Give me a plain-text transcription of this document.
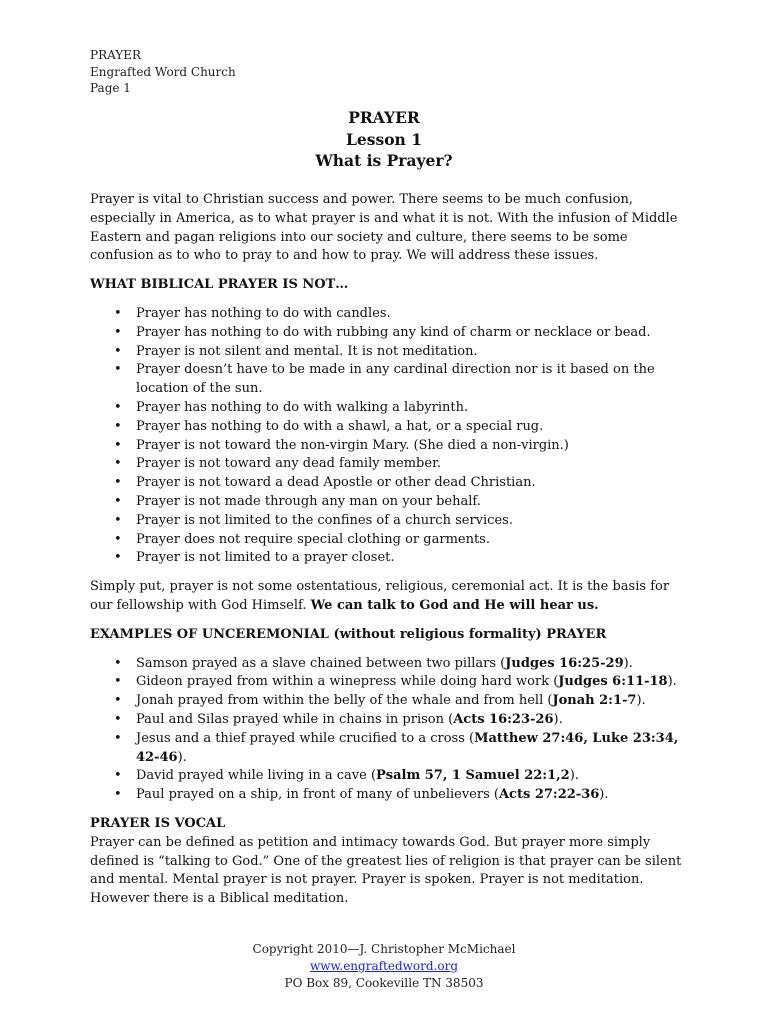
PRAYER
Engrafted Word Church
Page 1
PRAYER
Lesson 1
What is Prayer?

Prayer is vital to Christian success and power. There seems to be much confusion, especially in America, as to what prayer is and what it is not. With the infusion of Middle Eastern and pagan religions into our society and culture, there seems to be some confusion as to who to pray to and how to pray. We will address these issues.

WHAT BIBLICAL PRAYER IS NOT…

• Prayer has nothing to do with candles.
• Prayer has nothing to do with rubbing any kind of charm or necklace or bead.
• Prayer is not silent and mental. It is not meditation.
• Prayer doesn’t have to be made in any cardinal direction nor is it based on the location of the sun.
• Prayer has nothing to do with walking a labyrinth.
• Prayer has nothing to do with a shawl, a hat, or a special rug.
• Prayer is not toward the non-virgin Mary. (She died a non-virgin.)
• Prayer is not toward any dead family member.
• Prayer is not toward a dead Apostle or other dead Christian.
• Prayer is not made through any man on your behalf.
• Prayer is not limited to the confines of a church services.
• Prayer does not require special clothing or garments.
• Prayer is not limited to a prayer closet.

Simply put, prayer is not some ostentatious, religious, ceremonial act. It is the basis for our fellowship with God Himself. We can talk to God and He will hear us.

EXAMPLES OF UNCEREMONIAL (without religious formality) PRAYER

• Samson prayed as a slave chained between two pillars (Judges 16:25-29).
• Gideon prayed from within a winepress while doing hard work (Judges 6:11-18).
• Jonah prayed from within the belly of the whale and from hell (Jonah 2:1-7).
• Paul and Silas prayed while in chains in prison (Acts 16:23-26).
• Jesus and a thief prayed while crucified to a cross (Matthew 27:46, Luke 23:34, 42-46).
• David prayed while living in a cave (Psalm 57, 1 Samuel 22:1,2).
• Paul prayed on a ship, in front of many of unbelievers (Acts 27:22-36).

PRAYER IS VOCAL

Prayer can be defined as petition and intimacy towards God. But prayer more simply defined is “talking to God.” One of the greatest lies of religion is that prayer can be silent and mental. Mental prayer is not prayer. Prayer is spoken. Prayer is not meditation. However there is a Biblical meditation.

Copyright 2010—J. Christopher McMichael
www.engraftedword.org
PO Box 89, Cookeville TN 38503
